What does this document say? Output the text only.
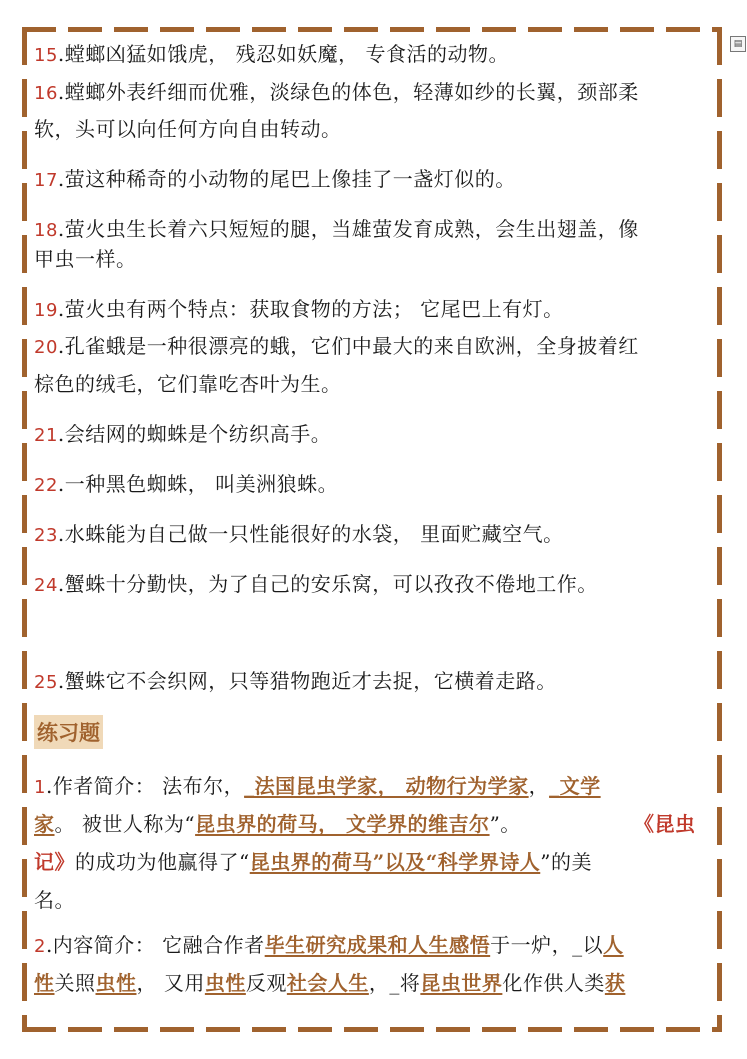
▤
15.螳螂凶猛如饿虎， 残忍如妖魔， 专食活的动物。
16.螳螂外表纤细而优雅，淡绿色的体色，轻薄如纱的长翼，颈部柔
软，头可以向任何方向自由转动。
17.萤这种稀奇的小动物的尾巴上像挂了一盏灯似的。
18.萤火虫生长着六只短短的腿，当雄萤发育成熟，会生出翅盖，像
甲虫一样。
19.萤火虫有两个特点：获取食物的方法； 它尾巴上有灯。
20.孔雀蛾是一种很漂亮的蛾，它们中最大的来自欧洲，全身披着红
棕色的绒毛，它们靠吃杏叶为生。
21.会结网的蜘蛛是个纺织高手。
22.一种黑色蜘蛛， 叫美洲狼蛛。
23.水蛛能为自己做一只性能很好的水袋， 里面贮藏空气。
24.蟹蛛十分勤快，为了自己的安乐窝，可以孜孜不倦地工作。
25.蟹蛛它不会织网，只等猎物跑近才去捉，它横着走路。
练习题
1.作者简介： 法布尔，_法国昆虫学家， 动物行为学家，_文学
家。 被世人称为“昆虫界的荷马， 文学界的维吉尔”。	《昆虫
记》的成功为他赢得了“昆虫界的荷马”以及“科学界诗人”的美
名。
2.内容简介： 它融合作者毕生研究成果和人生感悟于一炉，_以人
性关照虫性， 又用虫性反观社会人生，_将昆虫世界化作供人类获
